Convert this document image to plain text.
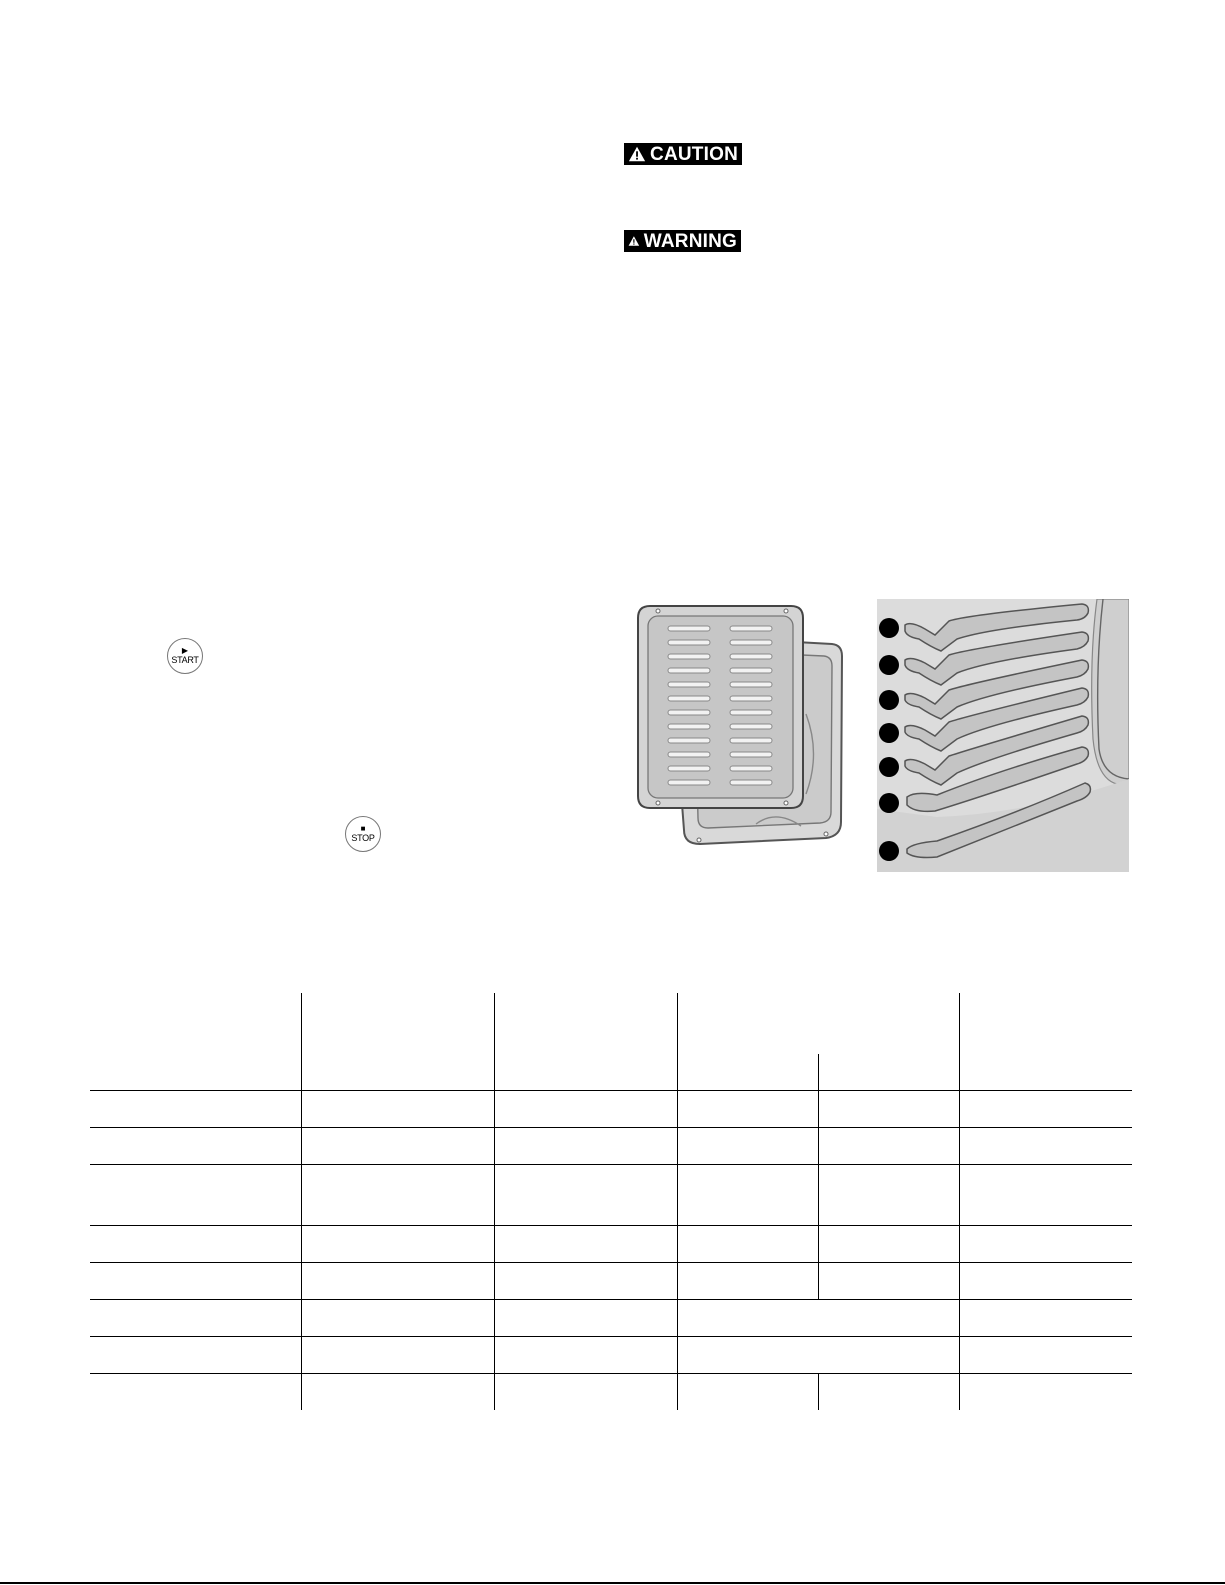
CAUTION
WARNING
▶
START
■
STOP
